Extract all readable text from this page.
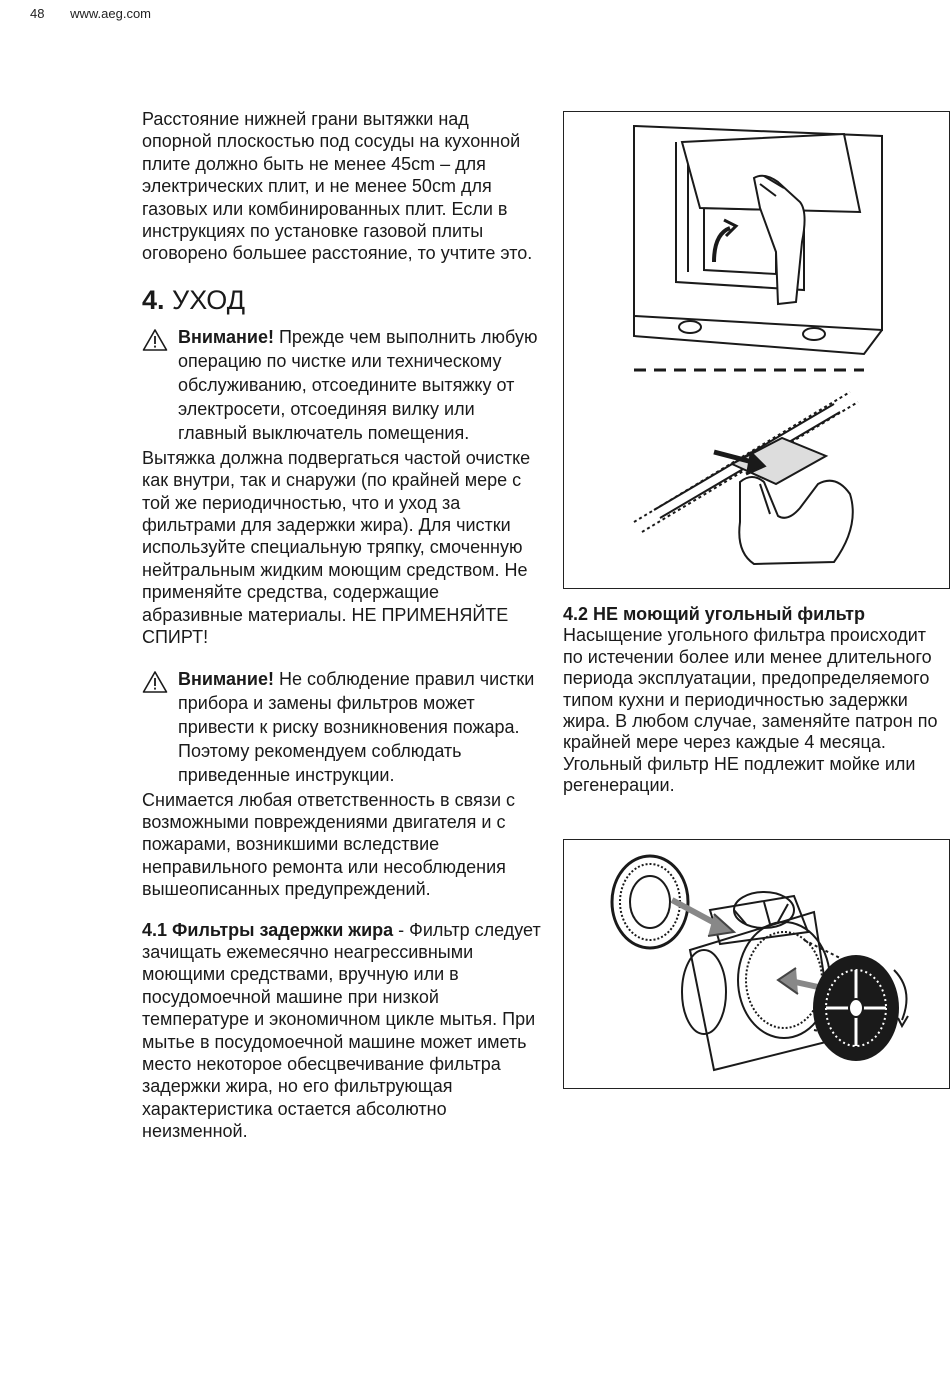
48 www.aeg.com

Расстояние нижней грани вытяжки над опорной плоскостью под сосуды на кухонной плите должно быть не менее 45cm – для электрических плит, и не менее 50cm для газовых или комбинированных плит. Если в инструкциях по установке газовой плиты оговорено большее расстояние, то учтите это.

4. УХОД
Внимание! Прежде чем выполнить любую операцию по чистке или техническому обслуживанию, отсоедините вытяжку от электросети, отсоединяя вилку или главный выключатель помещения.

Вытяжка должна подвергаться частой очистке как внутри, так и снаружи (по крайней мере с той же периодичностью, что и уход за фильтрами для задержки жира). Для чистки используйте специальную тряпку, смоченную нейтральным жидким моющим средством. Не применяйте средства, содержащие абразивные материалы. НЕ ПРИМЕНЯЙТЕ СПИРТ!

Внимание! Не соблюдение правил чистки прибора и замены фильтров может привести к риску возникновения пожара. Поэтому рекомендуем соблюдать приведенные инструкции.

Снимается любая ответственность в связи с возможными повреждениями двигателя и с пожарами, возникшими вследствие неправильного ремонта или несоблюдения вышеописанных предупреждений.

4.1 Фильтры задержки жира - Фильтр следует зачищать ежемесячно неагрессивными моющими средствами, вручную или в посудомоечной машине при низкой температуре и экономичном цикле мытья. При мытье в посудомоечной машине может иметь место некоторое обесцвечивание фильтра задержки жира, но его фильтрующая характеристика остается абсолютно неизменной.

4.2 НЕ моющий угольный фильтр

Насыщение угольного фильтра происходит по истечении более или менее длительного периода эксплуатации, предопределяемого типом кухни и периодичностью задержки жира. В любом случае, заменяйте патрон по крайней мере через каждые 4 месяца. Угольный фильтр НЕ подлежит мойке или регенерации.
